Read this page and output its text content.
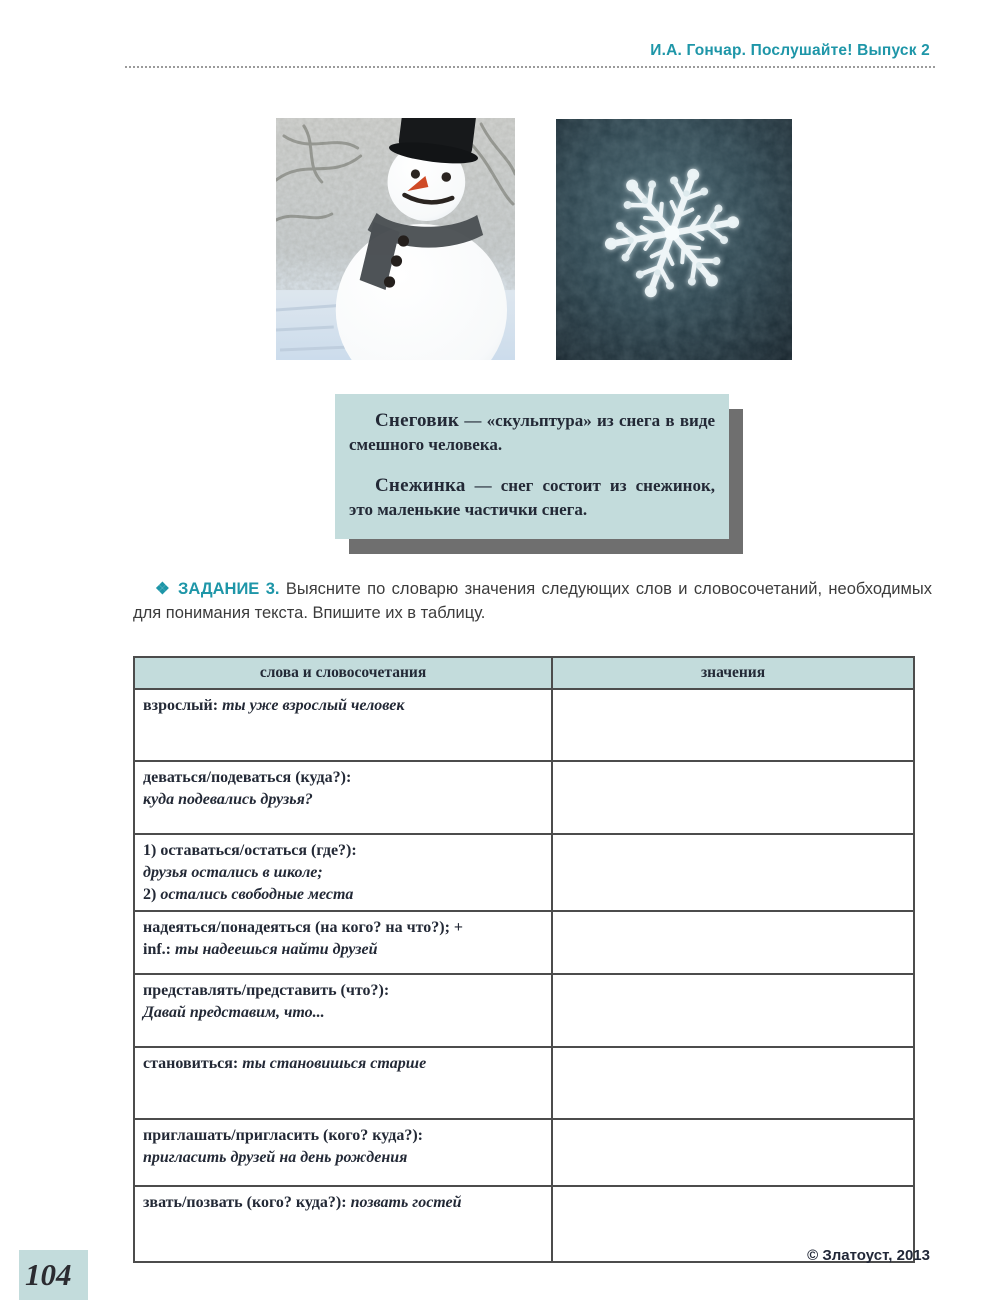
И.А. Гончар. Послушайте! Выпуск 2

Снеговик — «скульптура» из снега в виде смешного человека.

Снежинка — снег состоит из снежинок, это маленькие частички снега.

❖ ЗАДАНИЕ 3. Выясните по словарю значения следующих слов и словосочетаний, необходимых для понимания текста. Впишите их в таблицу.

слова и словосочетания	значения

взрослый: ты уже взрослый человек	

деваться/подеваться (куда?):
куда подевались друзья?	

1) оставаться/остаться (где?):
друзья остались в школе;
2) остались свободные места	

надеяться/понадеяться (на кого? на что?); +
inf.: ты надеешься найти друзей	

представлять/представить (что?):
Давай представим, что...	

становиться: ты становишься старше	

приглашать/пригласить (кого? куда?):
пригласить друзей на день рождения	

звать/позвать (кого? куда?): позвать гостей	

© Златоуст, 2013
104
